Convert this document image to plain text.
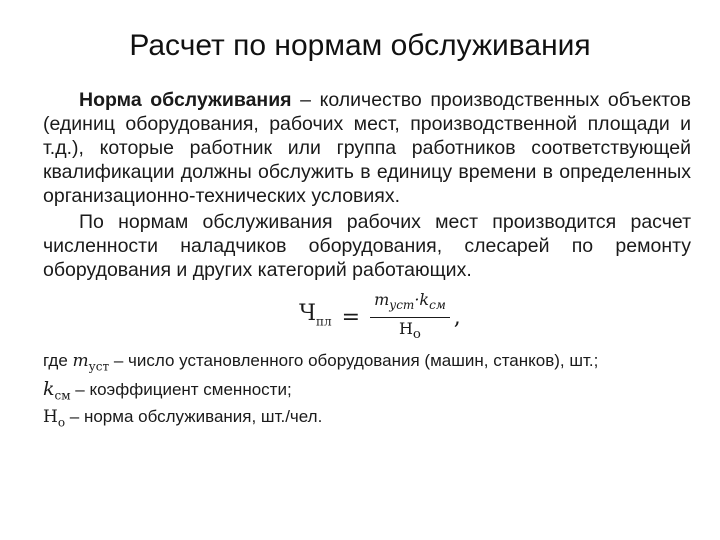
Расчет по нормам обслуживания

Норма обслуживания – количество производственных объектов (единиц оборудования, рабочих мест, производственной площади и т.д.), которые работник или группа работников соответствующей квалификации должны обслужить в единицу времени в определенных организационно-технических условиях.

По нормам обслуживания рабочих мест производится расчет численности наладчиков оборудования, слесарей по ремонту оборудования и других категорий работающих.

$Ч_{пл} = \frac{m_{уст}\cdot k_{см}}{Н_о}$ ,
где $m_{уст}$ – число установленного оборудования (машин, станков), шт.;
$k_{см}$ – коэффициент сменности;
$Н_о$ – норма обслуживания, шт./чел.
